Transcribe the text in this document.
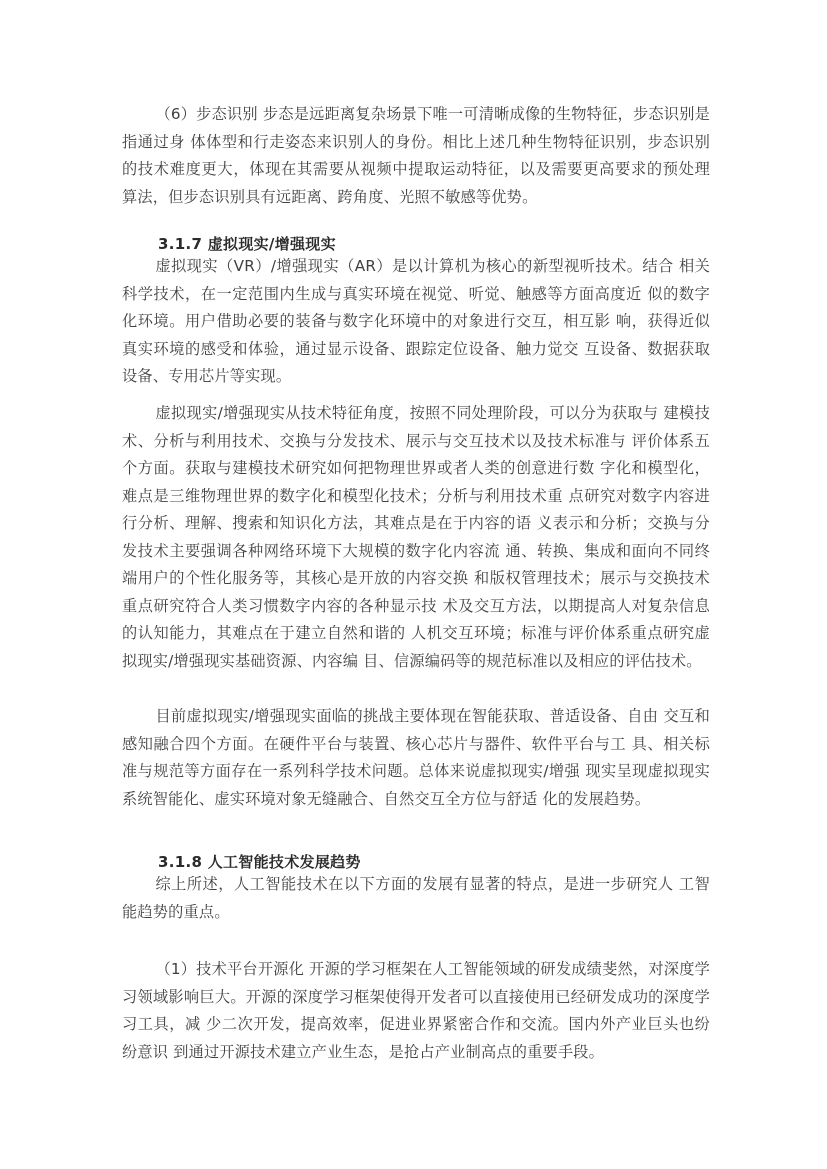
（6）步态识别 步态是远距离复杂场景下唯一可清晰成像的生物特征，步态识别是指通过身 体体型和行走姿态来识别人的身份。相比上述几种生物特征识别，步态识别的技术难度更大，体现在其需要从视频中提取运动特征，以及需要更高要求的预处理 算法，但步态识别具有远距离、跨角度、光照不敏感等优势。

3.1.7 虚拟现实/增强现实

虚拟现实（VR）/增强现实（AR）是以计算机为核心的新型视听技术。结合 相关科学技术，在一定范围内生成与真实环境在视觉、听觉、触感等方面高度近 似的数字化环境。用户借助必要的装备与数字化环境中的对象进行交互，相互影 响，获得近似真实环境的感受和体验，通过显示设备、跟踪定位设备、触力觉交 互设备、数据获取设备、专用芯片等实现。

虚拟现实/增强现实从技术特征角度，按照不同处理阶段，可以分为获取与 建模技术、分析与利用技术、交换与分发技术、展示与交互技术以及技术标准与 评价体系五个方面。获取与建模技术研究如何把物理世界或者人类的创意进行数 字化和模型化，难点是三维物理世界的数字化和模型化技术；分析与利用技术重 点研究对数字内容进行分析、理解、搜索和知识化方法，其难点是在于内容的语 义表示和分析；交换与分发技术主要强调各种网络环境下大规模的数字化内容流 通、转换、集成和面向不同终端用户的个性化服务等，其核心是开放的内容交换 和版权管理技术；展示与交换技术重点研究符合人类习惯数字内容的各种显示技 术及交互方法，以期提高人对复杂信息的认知能力，其难点在于建立自然和谐的 人机交互环境；标准与评价体系重点研究虚拟现实/增强现实基础资源、内容编 目、信源编码等的规范标准以及相应的评估技术。

目前虚拟现实/增强现实面临的挑战主要体现在智能获取、普适设备、自由 交互和感知融合四个方面。在硬件平台与装置、核心芯片与器件、软件平台与工 具、相关标准与规范等方面存在一系列科学技术问题。总体来说虚拟现实/增强 现实呈现虚拟现实系统智能化、虚实环境对象无缝融合、自然交互全方位与舒适 化的发展趋势。

3.1.8 人工智能技术发展趋势

综上所述，人工智能技术在以下方面的发展有显著的特点，是进一步研究人 工智能趋势的重点。

（1）技术平台开源化 开源的学习框架在人工智能领域的研发成绩斐然，对深度学习领域影响巨大。开源的深度学习框架使得开发者可以直接使用已经研发成功的深度学习工具，减 少二次开发，提高效率，促进业界紧密合作和交流。国内外产业巨头也纷纷意识 到通过开源技术建立产业生态，是抢占产业制高点的重要手段。
